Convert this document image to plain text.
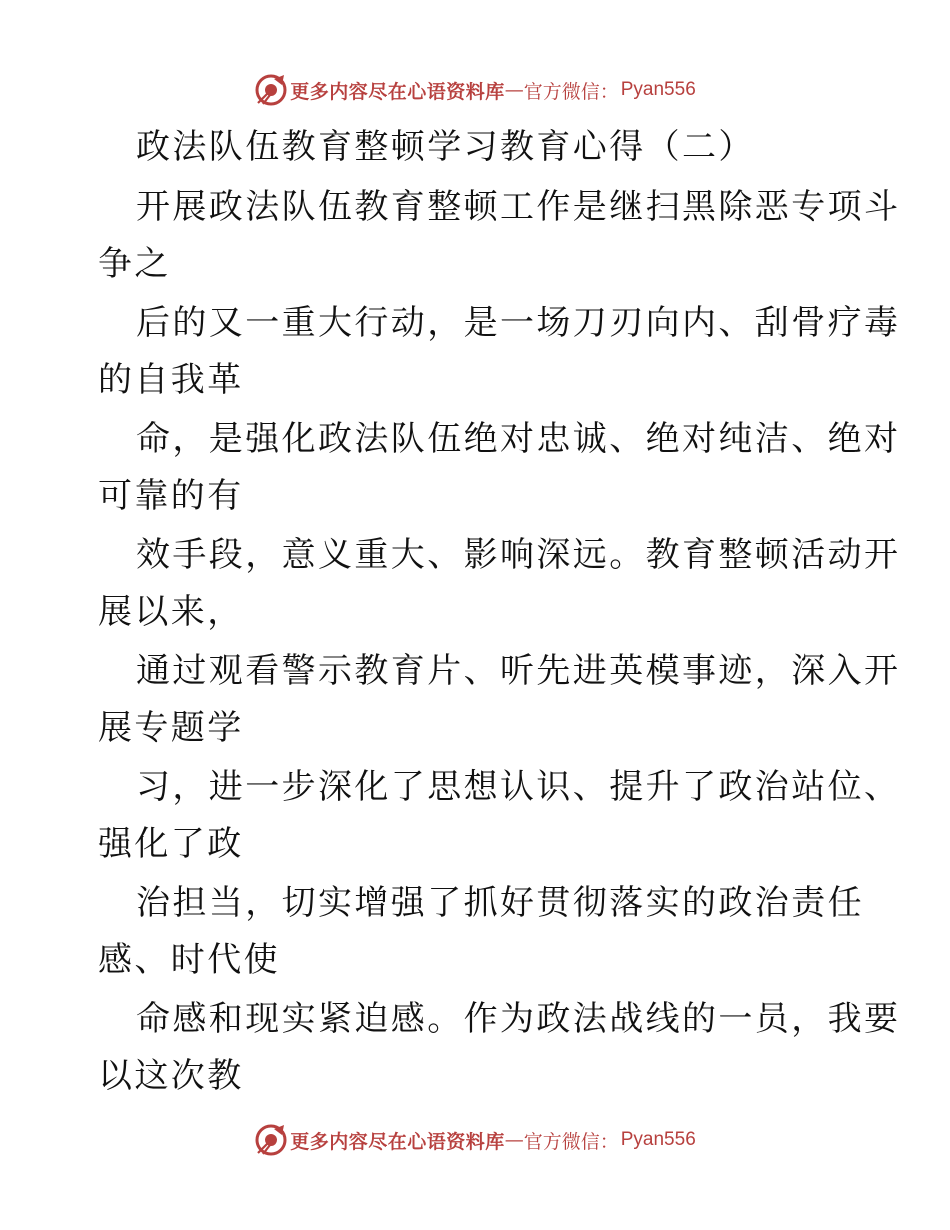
更多内容尽在心语资料库 — 官方微信： Pyan556
政法队伍教育整顿学习教育心得（二）
开展政法队伍教育整顿工作是继扫黑除恶专项斗
争之
后的又一重大行动，是一场刀刃向内、刮骨疗毒
的自我革
命，是强化政法队伍绝对忠诚、绝对纯洁、绝对
可靠的有
效手段，意义重大、影响深远。教育整顿活动开
展以来，
通过观看警示教育片、听先进英模事迹，深入开
展专题学
习，进一步深化了思想认识、提升了政治站位、
强化了政
治担当，切实增强了抓好贯彻落实的政治责任
感、时代使
命感和现实紧迫感。作为政法战线的一员，我要
以这次教
更多内容尽在心语资料库 — 官方微信： Pyan556
